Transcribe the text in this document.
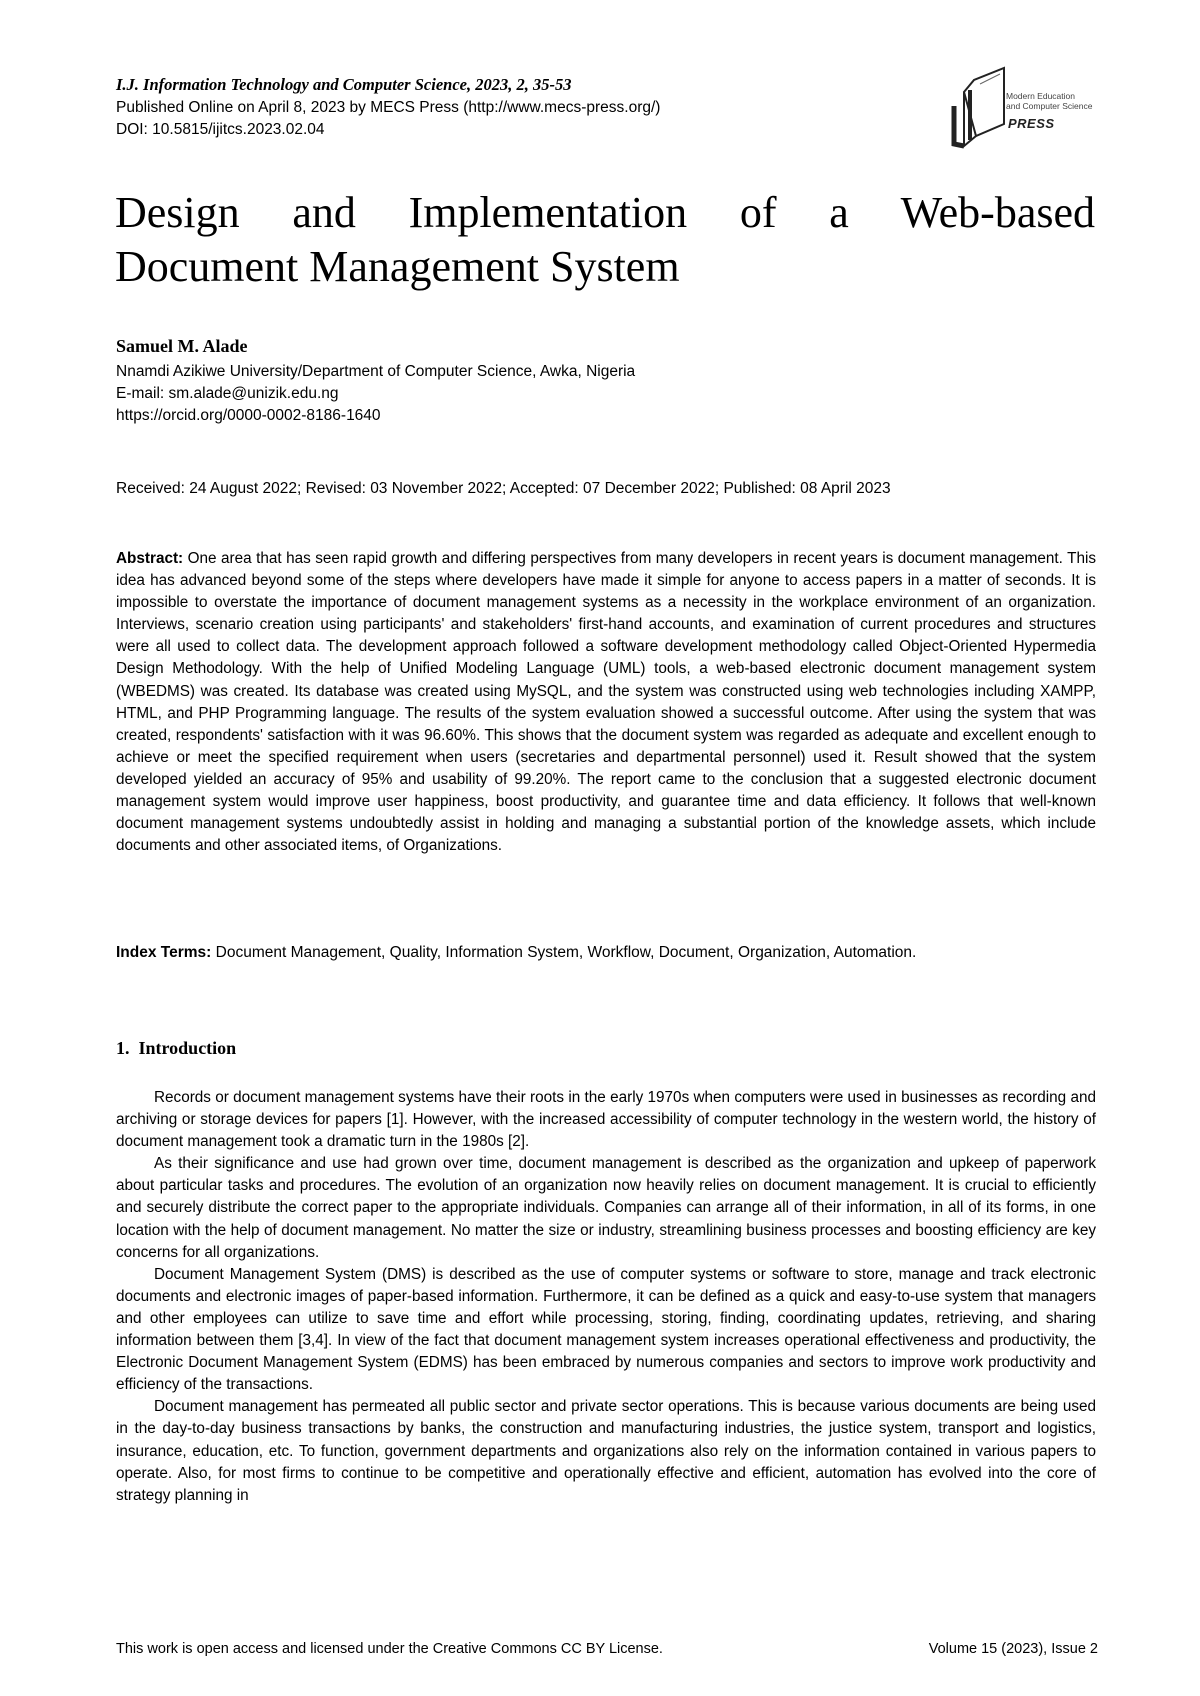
I.J. Information Technology and Computer Science, 2023, 2, 35-53
Published Online on April 8, 2023 by MECS Press (http://www.mecs-press.org/)
DOI: 10.5815/ijitcs.2023.02.04
Modern Education
and Computer Science
PRESS
Design and Implementation of a Web-based
Document Management System
Samuel M. Alade
Nnamdi Azikiwe University/Department of Computer Science, Awka, Nigeria
E-mail: sm.alade@unizik.edu.ng
https://orcid.org/0000-0002-8186-1640
Received: 24 August 2022; Revised: 03 November 2022; Accepted: 07 December 2022; Published: 08 April 2023
Abstract: One area that has seen rapid growth and differing perspectives from many developers in recent years is document management. This idea has advanced beyond some of the steps where developers have made it simple for anyone to access papers in a matter of seconds. It is impossible to overstate the importance of document management systems as a necessity in the workplace environment of an organization. Interviews, scenario creation using participants' and stakeholders' first-hand accounts, and examination of current procedures and structures were all used to collect data. The development approach followed a software development methodology called Object-Oriented Hypermedia Design Methodology. With the help of Unified Modeling Language (UML) tools, a web-based electronic document management system (WBEDMS) was created. Its database was created using MySQL, and the system was constructed using web technologies including XAMPP, HTML, and PHP Programming language. The results of the system evaluation showed a successful outcome. After using the system that was created, respondents' satisfaction with it was 96.60%. This shows that the document system was regarded as adequate and excellent enough to achieve or meet the specified requirement when users (secretaries and departmental personnel) used it. Result showed that the system developed yielded an accuracy of 95% and usability of 99.20%. The report came to the conclusion that a suggested electronic document management system would improve user happiness, boost productivity, and guarantee time and data efficiency. It follows that well-known document management systems undoubtedly assist in holding and managing a substantial portion of the knowledge assets, which include documents and other associated items, of Organizations.
Index Terms: Document Management, Quality, Information System, Workflow, Document, Organization, Automation.
1. Introduction

Records or document management systems have their roots in the early 1970s when computers were used in businesses as recording and archiving or storage devices for papers [1]. However, with the increased accessibility of computer technology in the western world, the history of document management took a dramatic turn in the 1980s [2].

As their significance and use had grown over time, document management is described as the organization and upkeep of paperwork about particular tasks and procedures. The evolution of an organization now heavily relies on document management. It is crucial to efficiently and securely distribute the correct paper to the appropriate individuals. Companies can arrange all of their information, in all of its forms, in one location with the help of document management. No matter the size or industry, streamlining business processes and boosting efficiency are key concerns for all organizations.

Document Management System (DMS) is described as the use of computer systems or software to store, manage and track electronic documents and electronic images of paper-based information. Furthermore, it can be defined as a quick and easy-to-use system that managers and other employees can utilize to save time and effort while processing, storing, finding, coordinating updates, retrieving, and sharing information between them [3,4]. In view of the fact that document management system increases operational effectiveness and productivity, the Electronic Document Management System (EDMS) has been embraced by numerous companies and sectors to improve work productivity and efficiency of the transactions.

Document management has permeated all public sector and private sector operations. This is because various documents are being used in the day-to-day business transactions by banks, the construction and manufacturing industries, the justice system, transport and logistics, insurance, education, etc. To function, government departments and organizations also rely on the information contained in various papers to operate. Also, for most firms to continue to be competitive and operationally effective and efficient, automation has evolved into the core of strategy planning in

This work is open access and licensed under the Creative Commons CC BY License.	Volume 15 (2023), Issue 2
